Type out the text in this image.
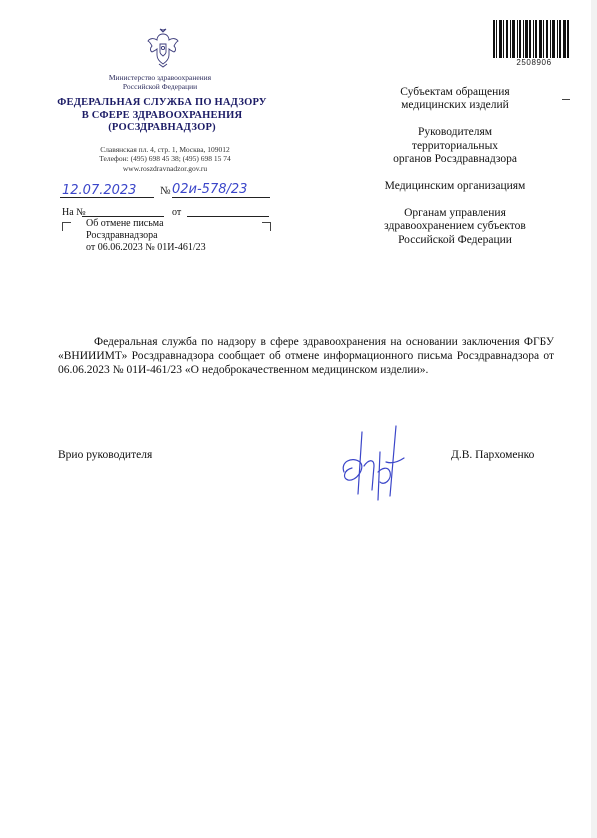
2508906
Министерство здравоохранения
Российской Федерации
ФЕДЕРАЛЬНАЯ СЛУЖБА ПО НАДЗОРУ
В СФЕРЕ ЗДРАВООХРАНЕНИЯ
(РОСЗДРАВНАДЗОР)
Славянская пл. 4, стр. 1, Москва, 109012
Телефон: (495) 698 45 38; (495) 698 15 74
www.roszdravnadzor.gov.ru
12.07.2023 № 02и-578/23
На №	от
Об отмене письма
Росздравнадзора
от 06.06.2023 № 01И-461/23
Субъектам обращения
медицинских изделий
Руководителям
территориальных
органов Росздравнадзора
Медицинским организациям
Органам управления
здравоохранением субъектов
Российской Федерации
Федеральная служба по надзору в сфере здравоохранения на основании заключения ФГБУ «ВНИИИМТ» Росздравнадзора сообщает об отмене информационного письма Росздравнадзора от 06.06.2023 № 01И-461/23 «О недоброкачественном медицинском изделии».
Врио руководителя	Д.В. Пархоменко
